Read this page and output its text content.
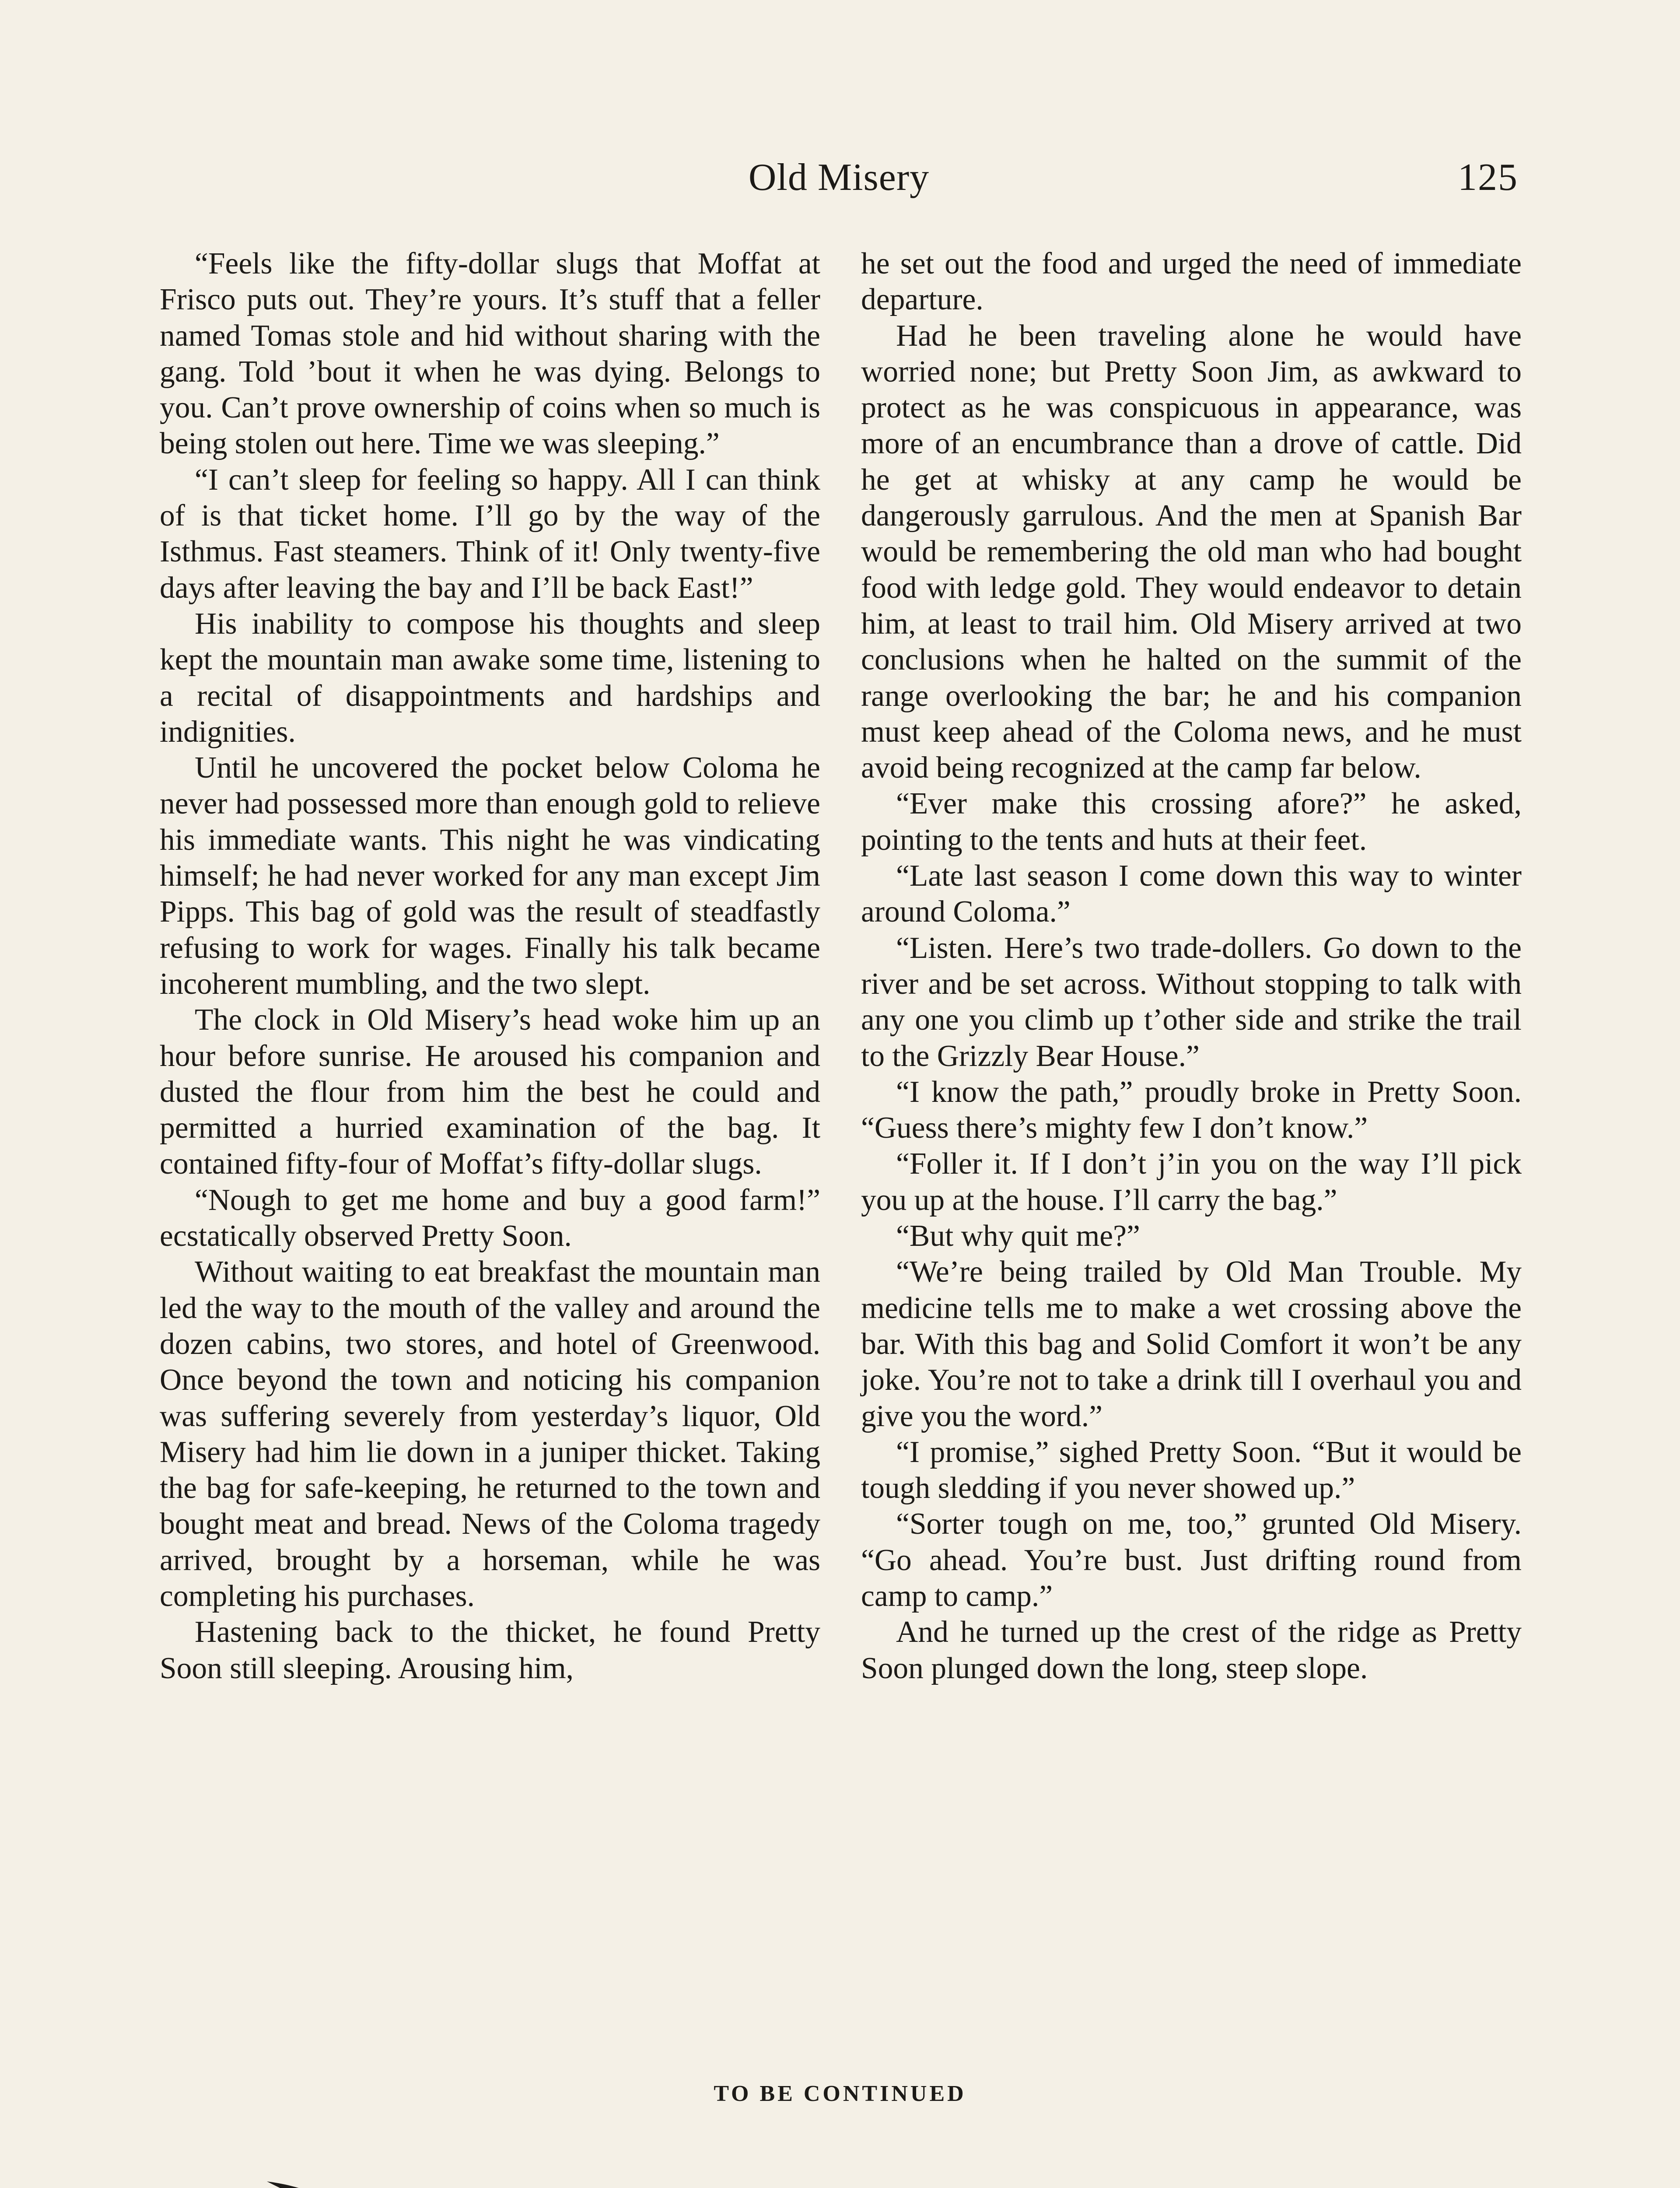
Old Misery	125

“Feels like the fifty-dollar slugs that Moffat at Frisco puts out. They’re yours. It’s stuff that a feller named Tomas stole and hid without sharing with the gang. Told ’bout it when he was dying. Belongs to you. Can’t prove ownership of coins when so much is being stolen out here. Time we was sleeping.”

“I can’t sleep for feeling so happy. All I can think of is that ticket home. I’ll go by the way of the Isthmus. Fast steamers. Think of it! Only twenty-five days after leaving the bay and I’ll be back East!”

His inability to compose his thoughts and sleep kept the mountain man awake some time, listening to a recital of disappointments and hardships and indignities.

Until he uncovered the pocket below Coloma he never had possessed more than enough gold to relieve his immediate wants. This night he was vindicating himself; he had never worked for any man except Jim Pipps. This bag of gold was the result of steadfastly refusing to work for wages. Finally his talk became incoherent mumbling, and the two slept.

The clock in Old Misery’s head woke him up an hour before sunrise. He aroused his companion and dusted the flour from him the best he could and permitted a hurried examination of the bag. It contained fifty-four of Moffat’s fifty-dollar slugs.

“Nough to get me home and buy a good farm!” ecstatically observed Pretty Soon.

Without waiting to eat breakfast the mountain man led the way to the mouth of the valley and around the dozen cabins, two stores, and hotel of Greenwood. Once beyond the town and noticing his companion was suffering severely from yesterday’s liquor, Old Misery had him lie down in a juniper thicket. Taking the bag for safe-keeping, he returned to the town and bought meat and bread. News of the Coloma tragedy arrived, brought by a horseman, while he was completing his purchases.

Hastening back to the thicket, he found Pretty Soon still sleeping. Arousing him,

he set out the food and urged the need of immediate departure.

Had he been traveling alone he would have worried none; but Pretty Soon Jim, as awkward to protect as he was conspicuous in appearance, was more of an encumbrance than a drove of cattle. Did he get at whisky at any camp he would be dangerously garrulous. And the men at Spanish Bar would be remembering the old man who had bought food with ledge gold. They would endeavor to detain him, at least to trail him. Old Misery arrived at two conclusions when he halted on the summit of the range overlooking the bar; he and his companion must keep ahead of the Coloma news, and he must avoid being recognized at the camp far below.

“Ever make this crossing afore?” he asked, pointing to the tents and huts at their feet.

“Late last season I come down this way to winter around Coloma.”

“Listen. Here’s two trade-dollers. Go down to the river and be set across. Without stopping to talk with any one you climb up t’other side and strike the trail to the Grizzly Bear House.”

“I know the path,” proudly broke in Pretty Soon. “Guess there’s mighty few I don’t know.”

“Foller it. If I don’t j’in you on the way I’ll pick you up at the house. I’ll carry the bag.”

“But why quit me?”

“We’re being trailed by Old Man Trouble. My medicine tells me to make a wet crossing above the bar. With this bag and Solid Comfort it won’t be any joke. You’re not to take a drink till I overhaul you and give you the word.”

“I promise,” sighed Pretty Soon. “But it would be tough sledding if you never showed up.”

“Sorter tough on me, too,” grunted Old Misery. “Go ahead. You’re bust. Just drifting round from camp to camp.”

And he turned up the crest of the ridge as Pretty Soon plunged down the long, steep slope.

TO BE CONTINUED
